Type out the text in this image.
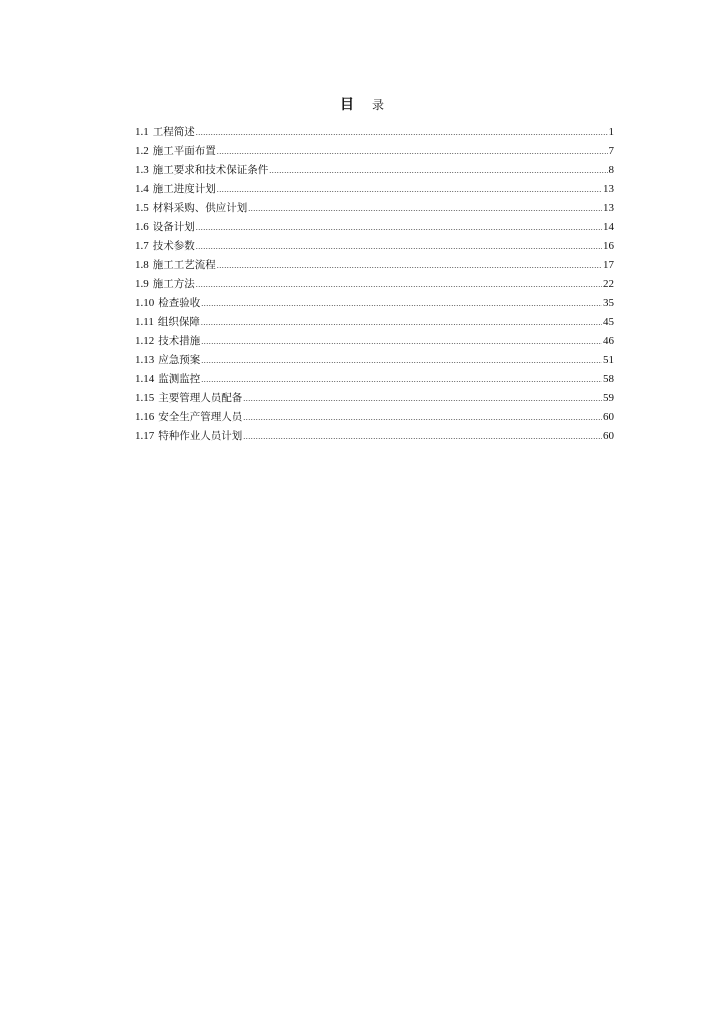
目 录
1.1 工程简述 .....	1
1.2 施工平面布置 .....	7
1.3 施工要求和技术保证条件 .....	8
1.4 施工进度计划 .....	13
1.5 材料采购、供应计划 .....	13
1.6 设备计划 .....	14
1.7 技术参数 .....	16
1.8 施工工艺流程 .....	17
1.9 施工方法 .....	22
1.10 检查验收 .....	35
1.11 组织保障 .....	45
1.12 技术措施 .....	46
1.13 应急预案 .....	51
1.14 监测监控 .....	58
1.15 主要管理人员配备 .....	59
1.16 安全生产管理人员 .....	60
1.17 特种作业人员计划 .....	60
